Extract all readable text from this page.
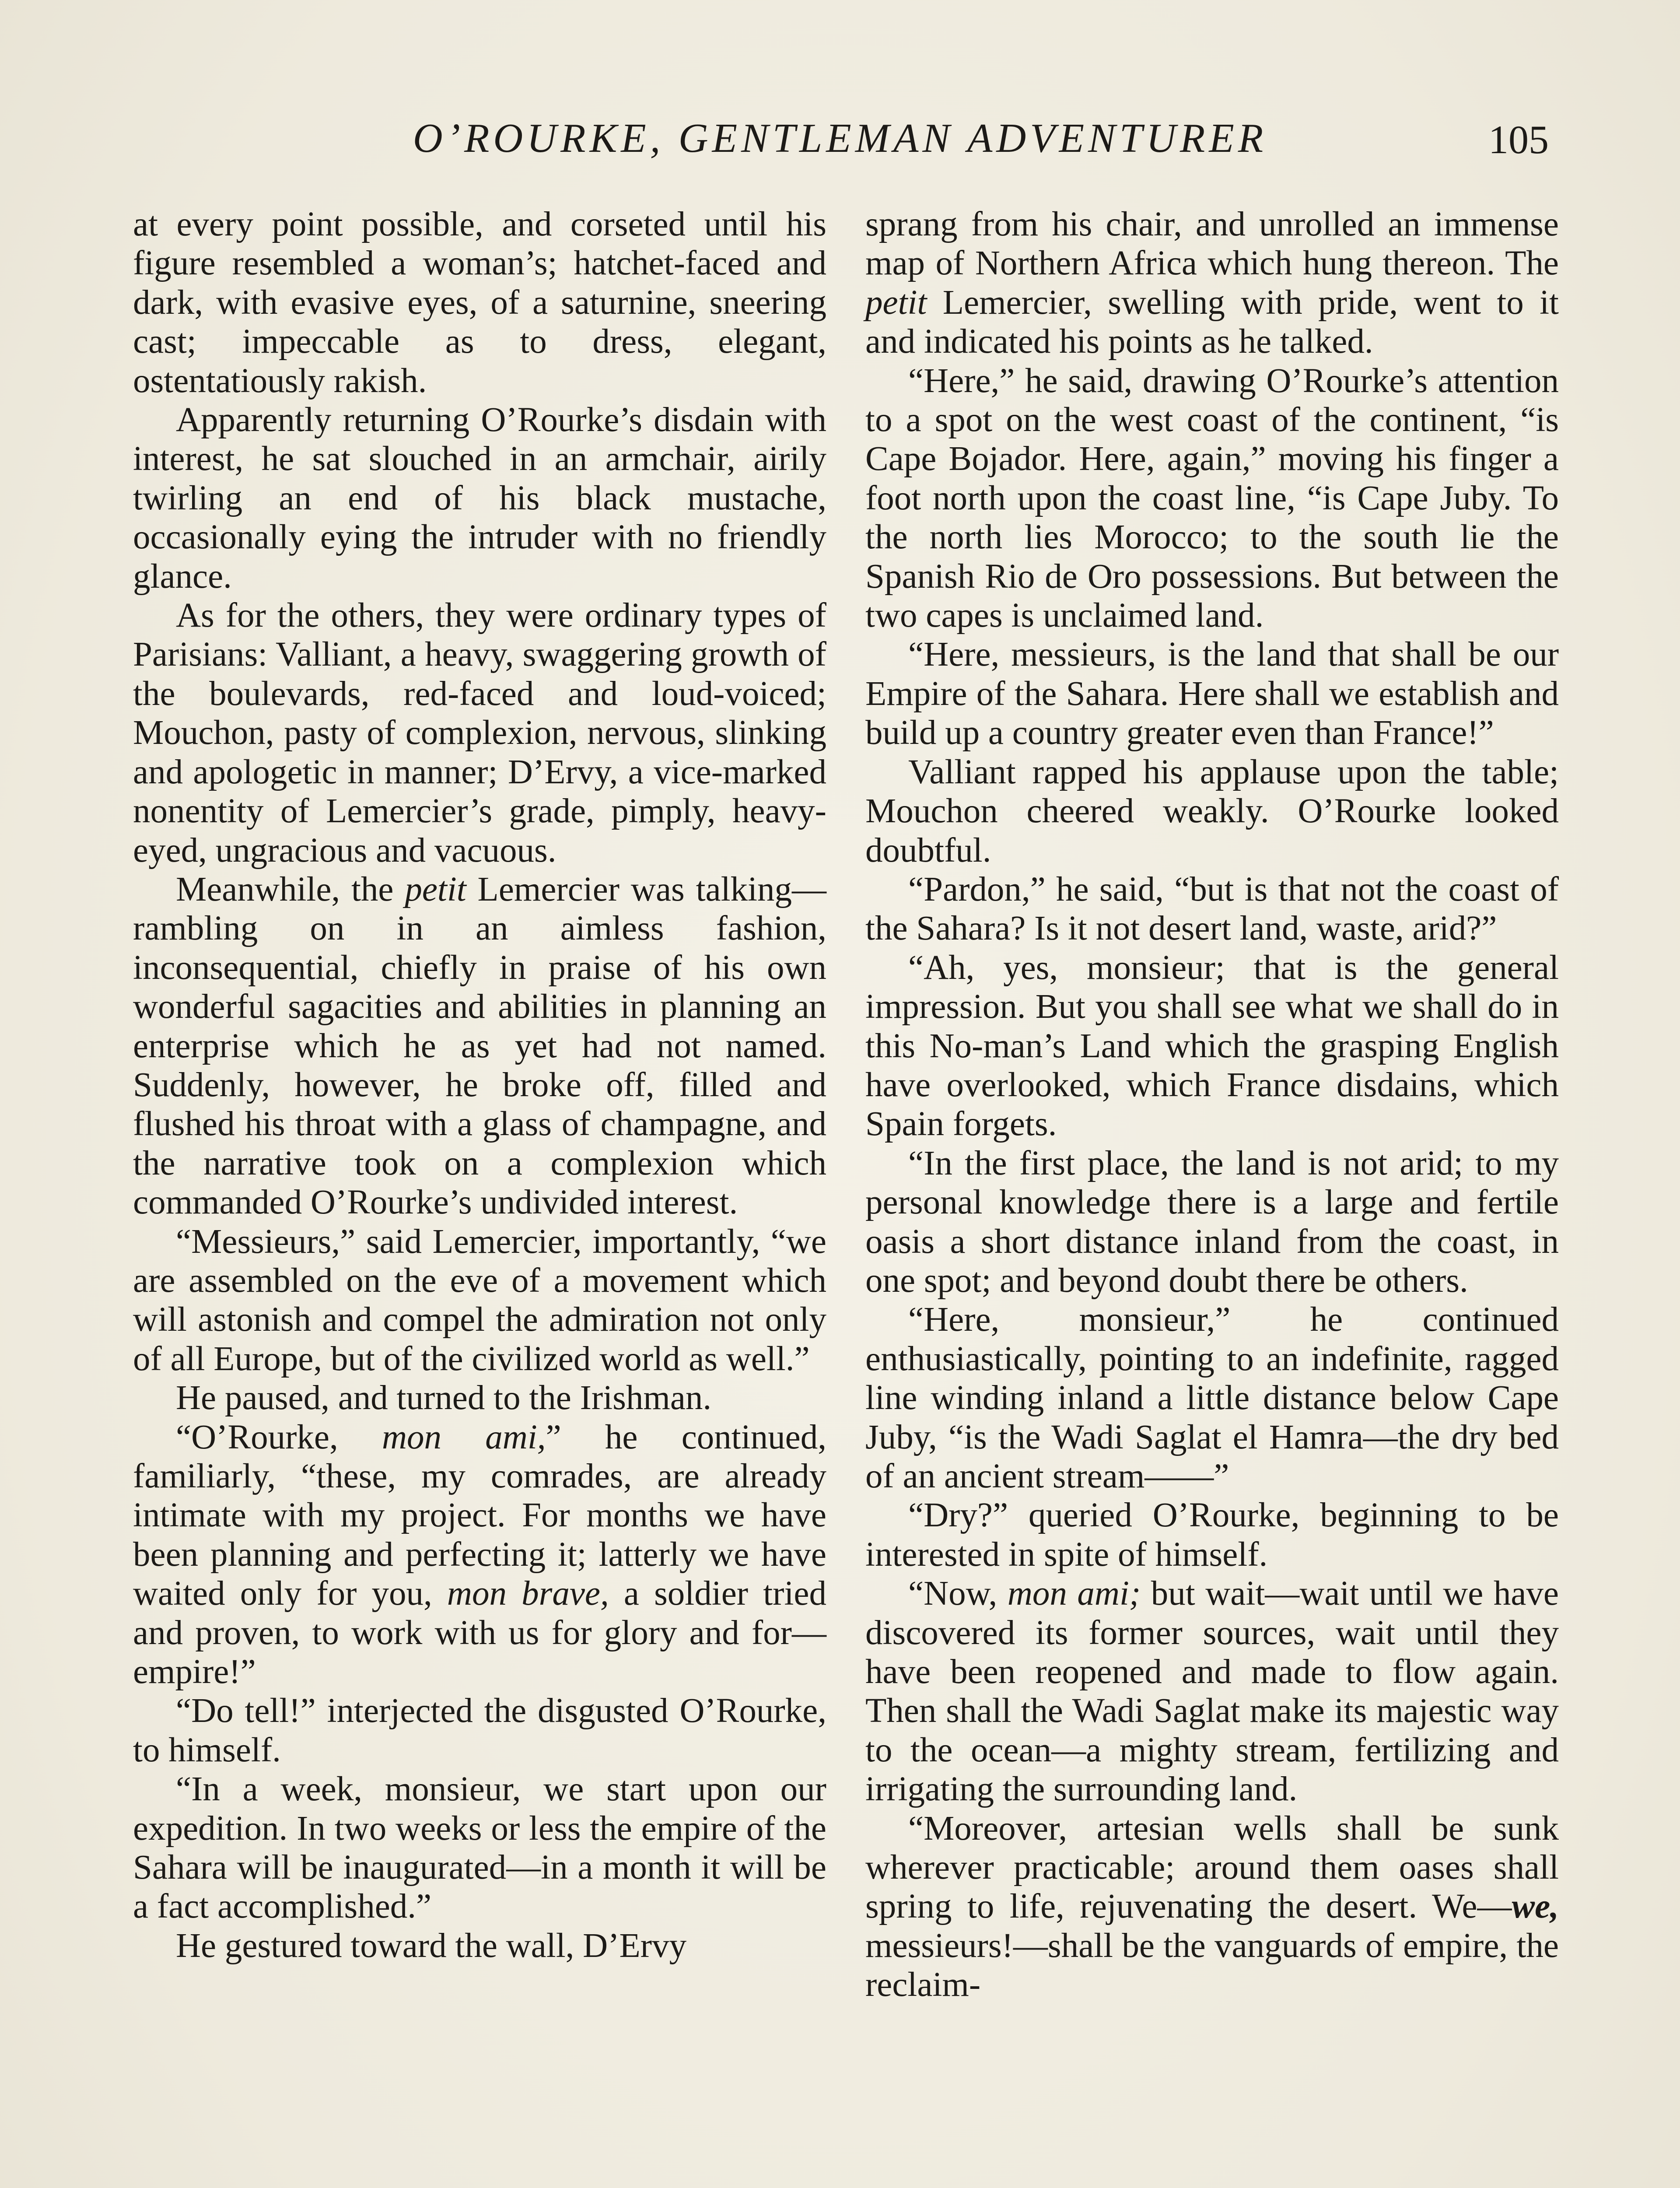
O’ROURKE, GENTLEMAN ADVENTURER	105

at every point possible, and corseted until his figure resembled a woman’s; hatchet-faced and dark, with evasive eyes, of a saturnine, sneering cast; impeccable as to dress, elegant, ostentatiously rakish.

Apparently returning O’Rourke’s disdain with interest, he sat slouched in an armchair, airily twirling an end of his black mustache, occasionally eying the intruder with no friendly glance.

As for the others, they were ordinary types of Parisians: Valliant, a heavy, swaggering growth of the boulevards, red-faced and loud-voiced; Mouchon, pasty of complexion, nervous, slinking and apologetic in manner; D’Ervy, a vice-marked nonentity of Lemercier’s grade, pimply, heavy-eyed, ungracious and vacuous.

Meanwhile, the petit Lemercier was talking—rambling on in an aimless fashion, inconsequential, chiefly in praise of his own wonderful sagacities and abilities in planning an enterprise which he as yet had not named. Suddenly, however, he broke off, filled and flushed his throat with a glass of champagne, and the narrative took on a complexion which commanded O’Rourke’s undivided interest.

“Messieurs,” said Lemercier, importantly, “we are assembled on the eve of a movement which will astonish and compel the admiration not only of all Europe, but of the civilized world as well.”

He paused, and turned to the Irishman.

“O’Rourke, mon ami,” he continued, familiarly, “these, my comrades, are already intimate with my project. For months we have been planning and perfecting it; latterly we have waited only for you, mon brave, a soldier tried and proven, to work with us for glory and for—empire!”

“Do tell!” interjected the disgusted O’Rourke, to himself.

“In a week, monsieur, we start upon our expedition. In two weeks or less the empire of the Sahara will be inaugurated—in a month it will be a fact accomplished.”

He gestured toward the wall, D’Ervy

sprang from his chair, and unrolled an immense map of Northern Africa which hung thereon. The petit Lemercier, swelling with pride, went to it and indicated his points as he talked.

“Here,” he said, drawing O’Rourke’s attention to a spot on the west coast of the continent, “is Cape Bojador. Here, again,” moving his finger a foot north upon the coast line, “is Cape Juby. To the north lies Morocco; to the south lie the Spanish Rio de Oro possessions. But between the two capes is unclaimed land.

“Here, messieurs, is the land that shall be our Empire of the Sahara. Here shall we establish and build up a country greater even than France!”

Valliant rapped his applause upon the table; Mouchon cheered weakly. O’Rourke looked doubtful.

“Pardon,” he said, “but is that not the coast of the Sahara? Is it not desert land, waste, arid?”

“Ah, yes, monsieur; that is the general impression. But you shall see what we shall do in this No-man’s Land which the grasping English have overlooked, which France disdains, which Spain forgets.

“In the first place, the land is not arid; to my personal knowledge there is a large and fertile oasis a short distance inland from the coast, in one spot; and beyond doubt there be others.

“Here, monsieur,” he continued enthusiastically, pointing to an indefinite, ragged line winding inland a little distance below Cape Juby, “is the Wadi Saglat el Hamra—the dry bed of an ancient stream——”

“Dry?” queried O’Rourke, beginning to be interested in spite of himself.

“Now, mon ami; but wait—wait until we have discovered its former sources, wait until they have been reopened and made to flow again. Then shall the Wadi Saglat make its majestic way to the ocean—a mighty stream, fertilizing and irrigating the surrounding land.

“Moreover, artesian wells shall be sunk wherever practicable; around them oases shall spring to life, rejuvenating the desert. We—we, messieurs!—shall be the vanguards of empire, the reclaim-
